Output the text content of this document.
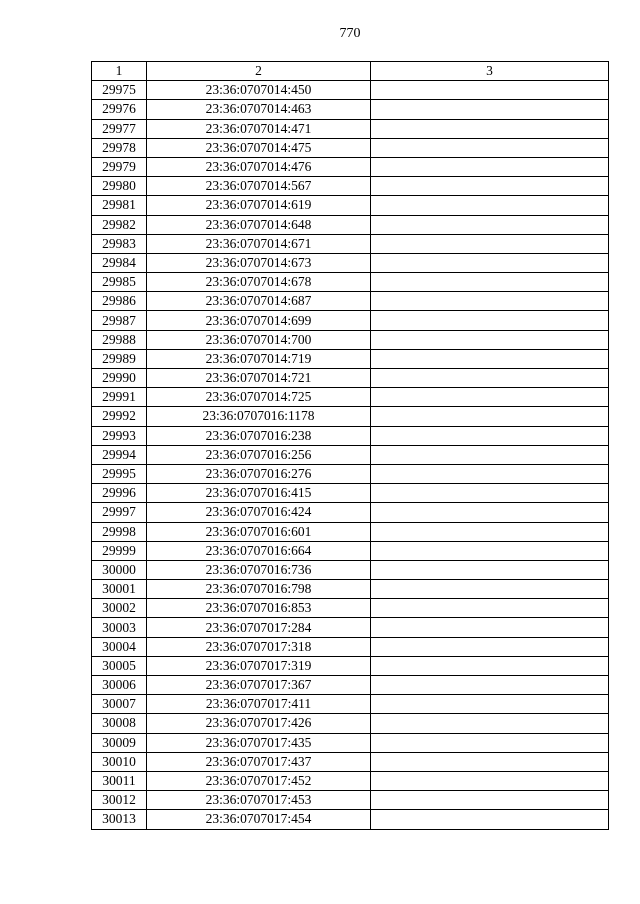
770
1	2	3
29975	23:36:0707014:450	
29976	23:36:0707014:463	
29977	23:36:0707014:471	
29978	23:36:0707014:475	
29979	23:36:0707014:476	
29980	23:36:0707014:567	
29981	23:36:0707014:619	
29982	23:36:0707014:648	
29983	23:36:0707014:671	
29984	23:36:0707014:673	
29985	23:36:0707014:678	
29986	23:36:0707014:687	
29987	23:36:0707014:699	
29988	23:36:0707014:700	
29989	23:36:0707014:719	
29990	23:36:0707014:721	
29991	23:36:0707014:725	
29992	23:36:0707016:1178	
29993	23:36:0707016:238	
29994	23:36:0707016:256	
29995	23:36:0707016:276	
29996	23:36:0707016:415	
29997	23:36:0707016:424	
29998	23:36:0707016:601	
29999	23:36:0707016:664	
30000	23:36:0707016:736	
30001	23:36:0707016:798	
30002	23:36:0707016:853	
30003	23:36:0707017:284	
30004	23:36:0707017:318	
30005	23:36:0707017:319	
30006	23:36:0707017:367	
30007	23:36:0707017:411	
30008	23:36:0707017:426	
30009	23:36:0707017:435	
30010	23:36:0707017:437	
30011	23:36:0707017:452	
30012	23:36:0707017:453	
30013	23:36:0707017:454	
